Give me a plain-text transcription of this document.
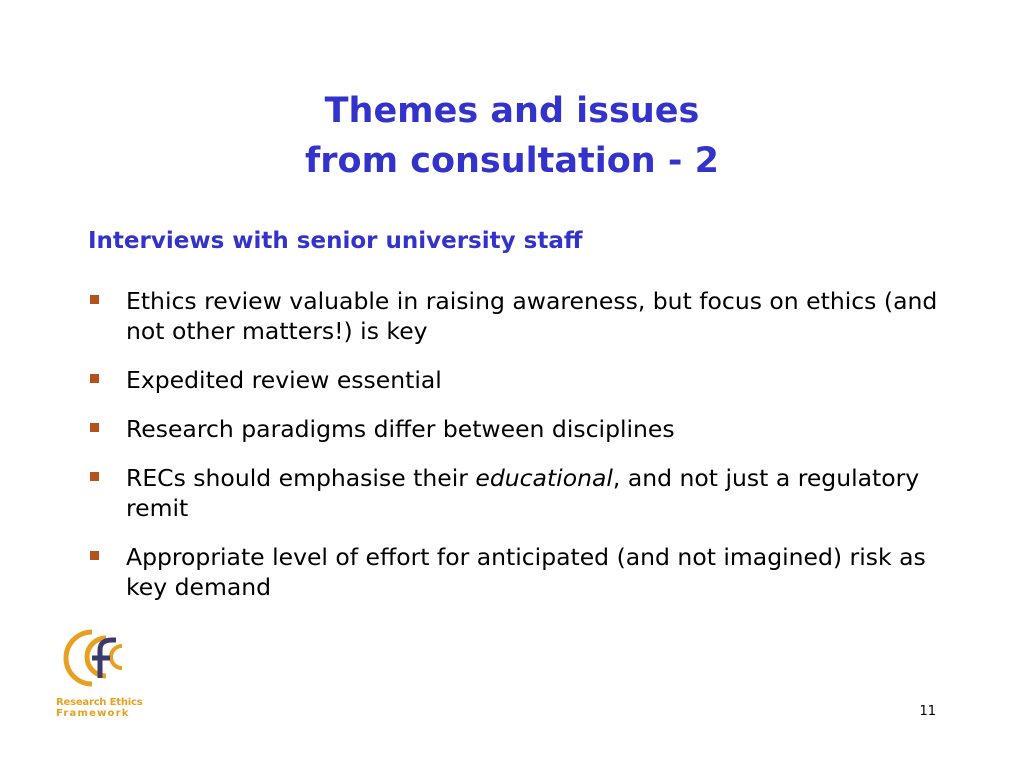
Themes and issues
from consultation - 2
Interviews with senior university staff
Ethics review valuable in raising awareness, but focus on ethics (and not other matters!) is key
Expedited review essential
Research paradigms differ between disciplines
RECs should emphasise their educational, and not just a regulatory remit
Appropriate level of effort for anticipated (and not imagined) risk as key demand
Research Ethics
Framework	11
